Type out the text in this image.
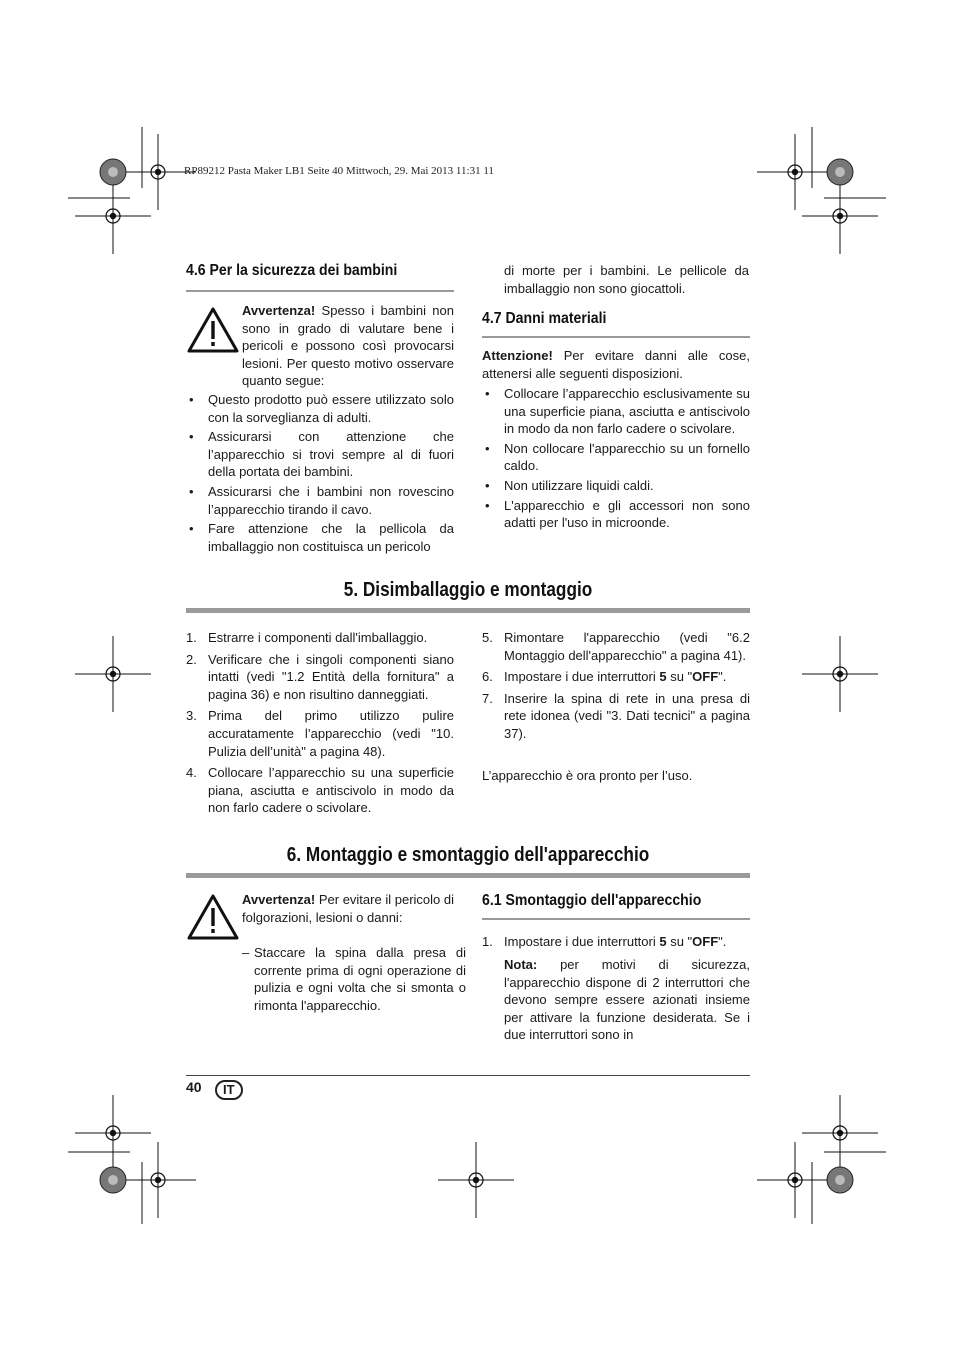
RP89212 Pasta Maker LB1 Seite 40 Mittwoch, 29. Mai 2013 11:31 11
4.6 Per la sicurezza dei bambini
Avvertenza! Spesso i bambini non sono in grado di valutare bene i pericoli e possono così provocarsi lesioni. Per questo motivo osservare quanto segue:
• Questo prodotto può essere utilizzato solo con la sorveglianza di adulti.
• Assicurarsi con attenzione che l’apparecchio si trovi sempre al di fuori della portata dei bambini.
• Assicurarsi che i bambini non rovescino l’apparecchio tirando il cavo.
• Fare attenzione che la pellicola da imballaggio non costituisca un pericolo
di morte per i bambini. Le pellicole da imballaggio non sono giocattoli.
4.7 Danni materiali
Attenzione! Per evitare danni alle cose, attenersi alle seguenti disposizioni.
• Collocare l’apparecchio esclusivamente su una superficie piana, asciutta e antiscivolo in modo da non farlo cadere o scivolare.
• Non collocare l'apparecchio su un fornello caldo.
• Non utilizzare liquidi caldi.
• L'apparecchio e gli accessori non sono adatti per l'uso in microonde.
5. Disimballaggio e montaggio
1. Estrarre i componenti dall'imballaggio.
2. Verificare che i singoli componenti siano intatti (vedi "1.2 Entità della fornitura" a pagina 36) e non risultino danneggiati.
3. Prima del primo utilizzo pulire accuratamente l’apparecchio (vedi "10. Pulizia dell’unità" a pagina 48).
4. Collocare l’apparecchio su una superficie piana, asciutta e antiscivolo in modo da non farlo cadere o scivolare.
5. Rimontare l'apparecchio (vedi "6.2 Montaggio dell'apparecchio" a pagina 41).
6. Impostare i due interruttori 5 su "OFF".
7. Inserire la spina di rete in una presa di rete idonea (vedi "3. Dati tecnici" a pagina 37).
L’apparecchio è ora pronto per l’uso.
6. Montaggio e smontaggio dell'apparecchio
Avvertenza! Per evitare il pericolo di folgorazioni, lesioni o danni:
– Staccare la spina dalla presa di corrente prima di ogni operazione di pulizia e ogni volta che si smonta o rimonta l'apparecchio.
6.1 Smontaggio dell'apparecchio
1. Impostare i due interruttori 5 su "OFF".
Nota: per motivi di sicurezza, l'apparecchio dispone di 2 interruttori che devono sempre essere azionati insieme per attivare la funzione desiderata. Se i due interruttori sono in
40	IT
